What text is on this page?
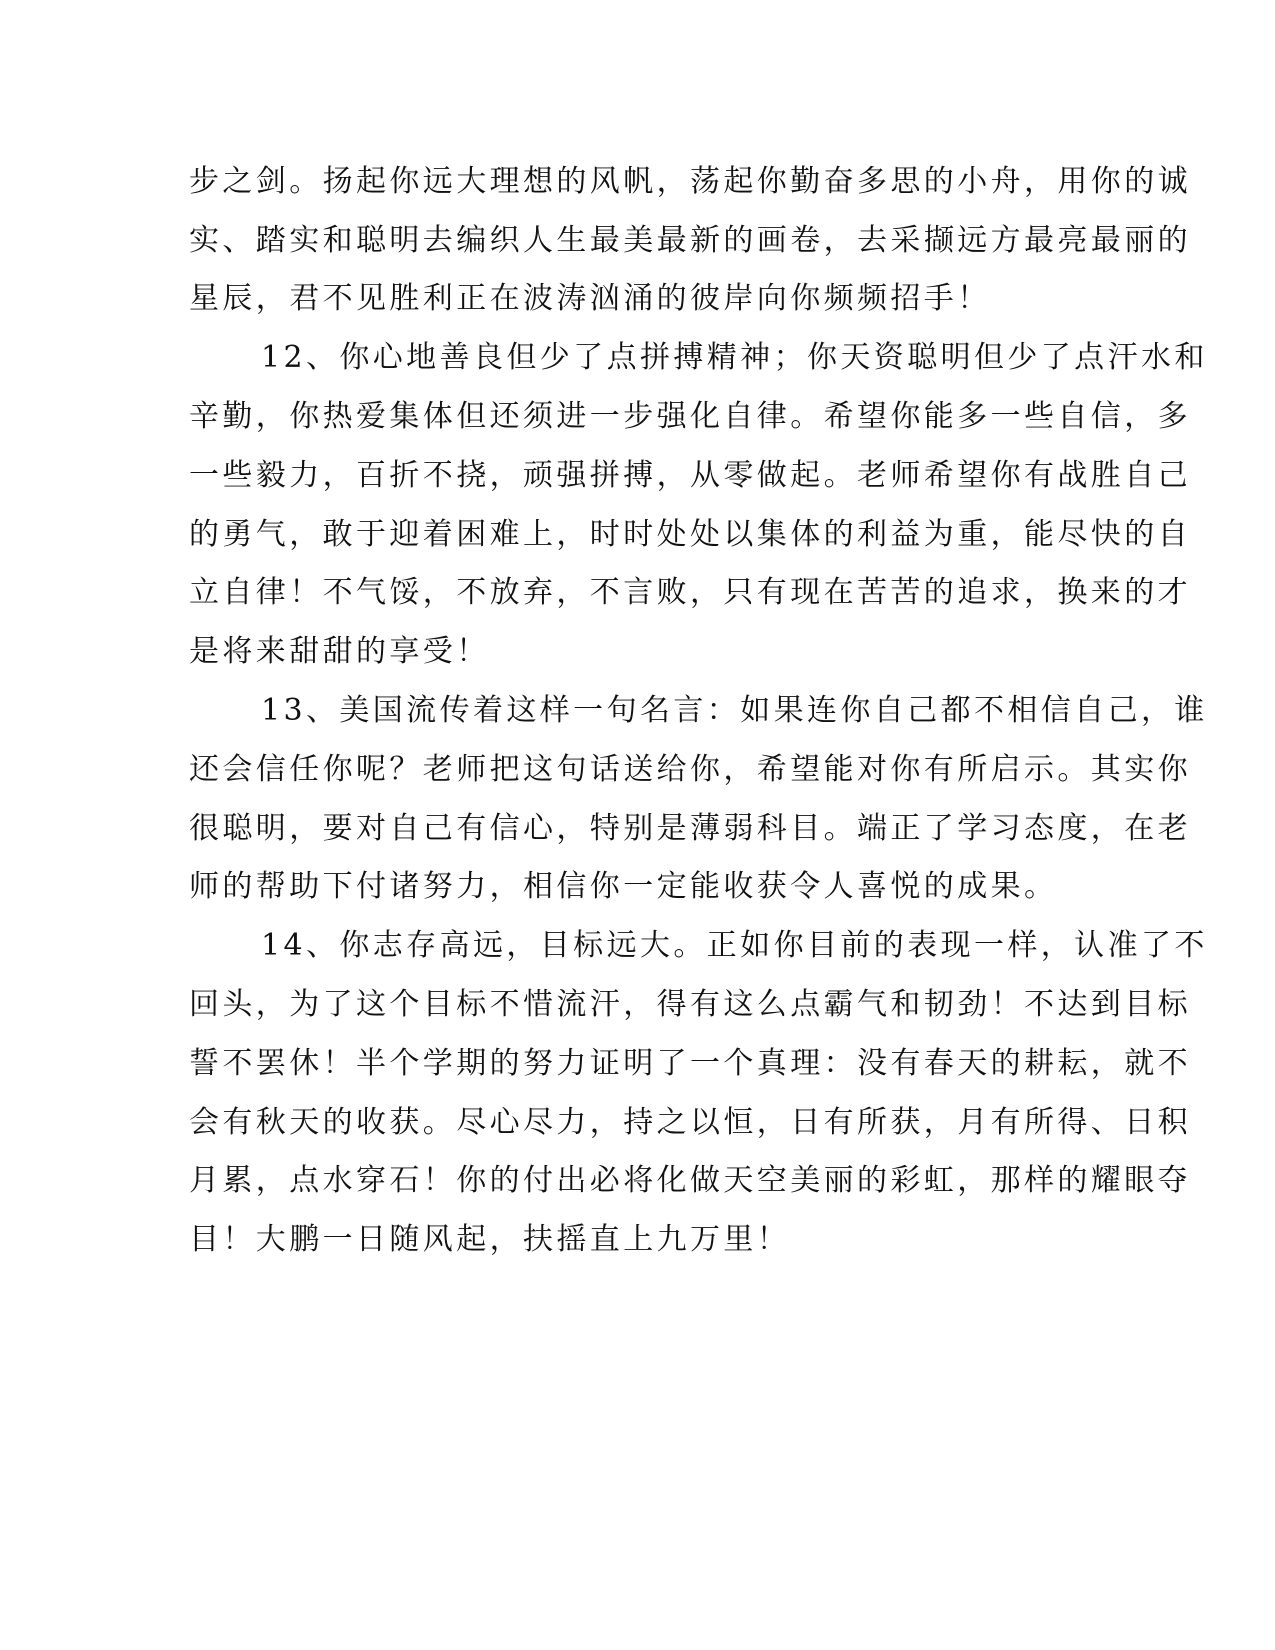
步之剑。扬起你远大理想的风帆，荡起你勤奋多思的小舟，用你的诚
实、踏实和聪明去编织人生最美最新的画卷，去采撷远方最亮最丽的
星辰，君不见胜利正在波涛汹涌的彼岸向你频频招手！
12、你心地善良但少了点拼搏精神；你天资聪明但少了点汗水和
辛勤，你热爱集体但还须进一步强化自律。希望你能多一些自信，多
一些毅力，百折不挠，顽强拼搏，从零做起。老师希望你有战胜自己
的勇气，敢于迎着困难上，时时处处以集体的利益为重，能尽快的自
立自律！不气馁，不放弃，不言败，只有现在苦苦的追求，换来的才
是将来甜甜的享受！
13、美国流传着这样一句名言：如果连你自己都不相信自己，谁
还会信任你呢？老师把这句话送给你，希望能对你有所启示。其实你
很聪明，要对自己有信心，特别是薄弱科目。端正了学习态度，在老
师的帮助下付诸努力，相信你一定能收获令人喜悦的成果。
14、你志存高远，目标远大。正如你目前的表现一样，认准了不
回头，为了这个目标不惜流汗，得有这么点霸气和韧劲！不达到目标
誓不罢休！半个学期的努力证明了一个真理：没有春天的耕耘，就不
会有秋天的收获。尽心尽力，持之以恒，日有所获，月有所得、日积
月累，点水穿石！你的付出必将化做天空美丽的彩虹，那样的耀眼夺
目！大鹏一日随风起，扶摇直上九万里！
